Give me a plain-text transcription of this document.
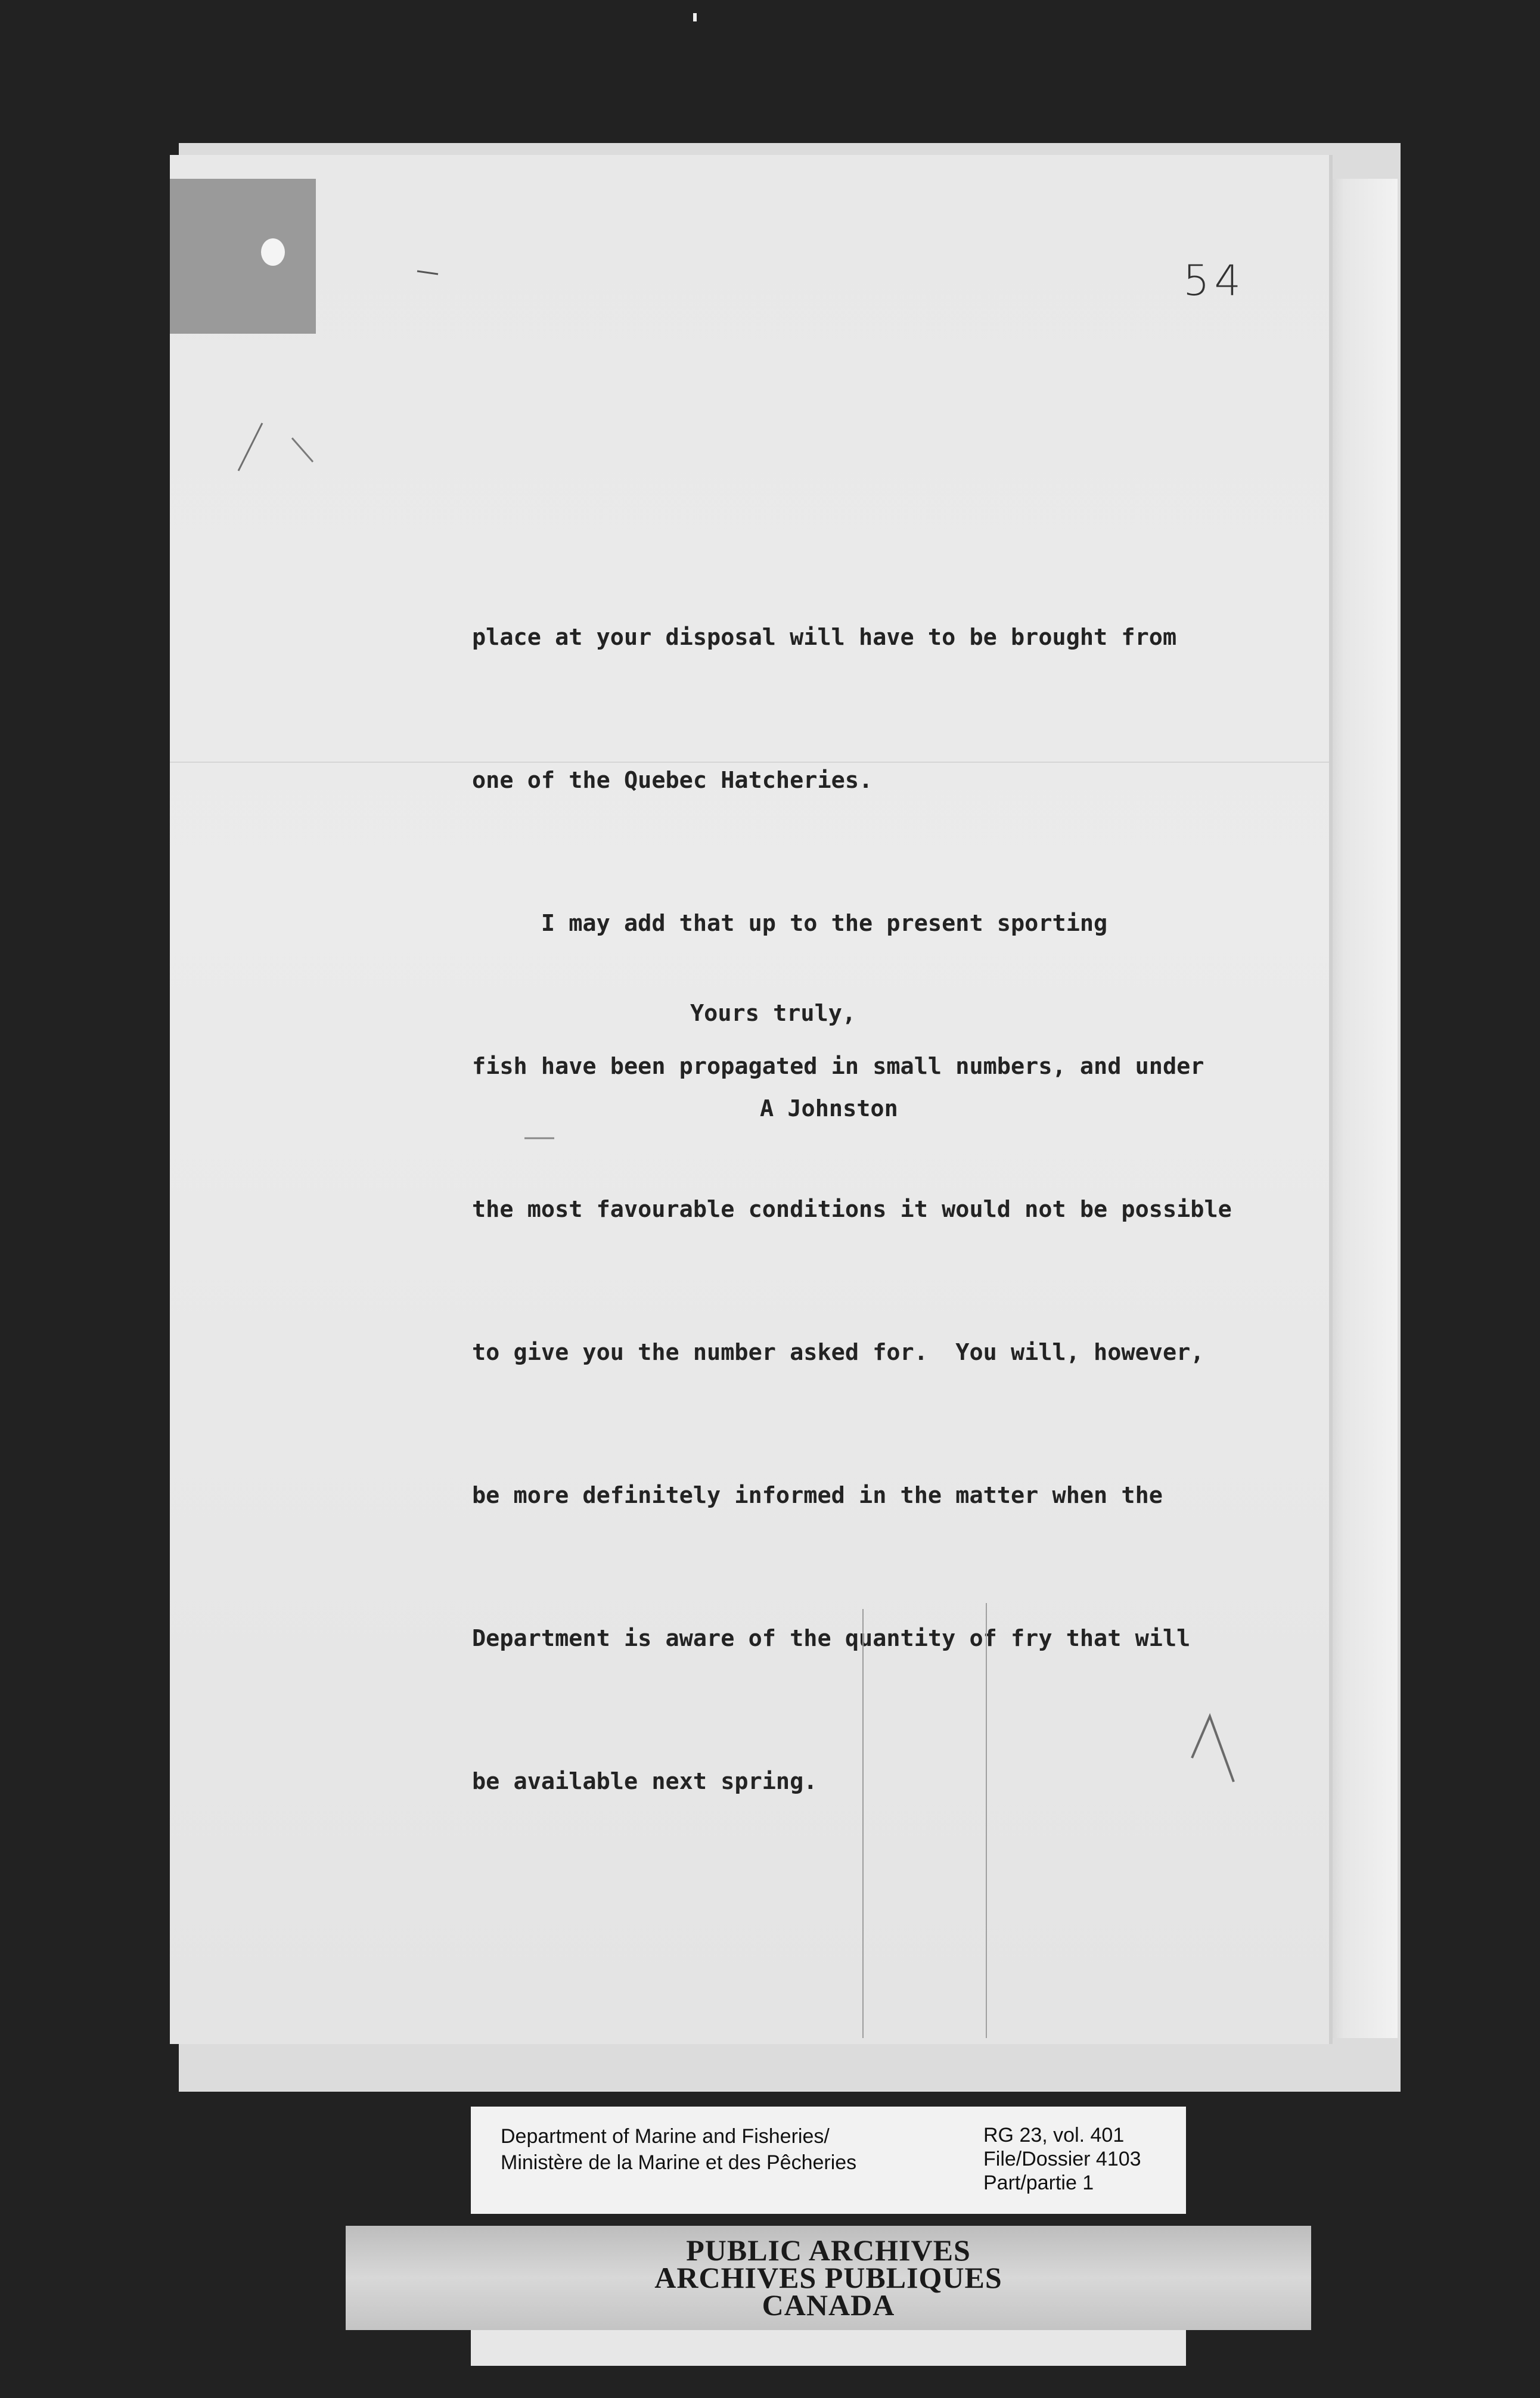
54

place at your disposal will have to be brought from

one of the Quebec Hatcheries.

I may add that up to the present sporting

fish have been propagated in small numbers, and under

the most favourable conditions it would not be possible

to give you the number asked for.  You will, however,

be more definitely informed in the matter when the

Department is aware of the quantity of fry that will

be available next spring.

Yours truly,
A Johnston
Department of Marine and Fisheries/
Ministère de la Marine et des Pêcheries
RG 23, vol. 401
File/Dossier 4103
Part/partie 1
PUBLIC ARCHIVES
ARCHIVES PUBLIQUES
CANADA
